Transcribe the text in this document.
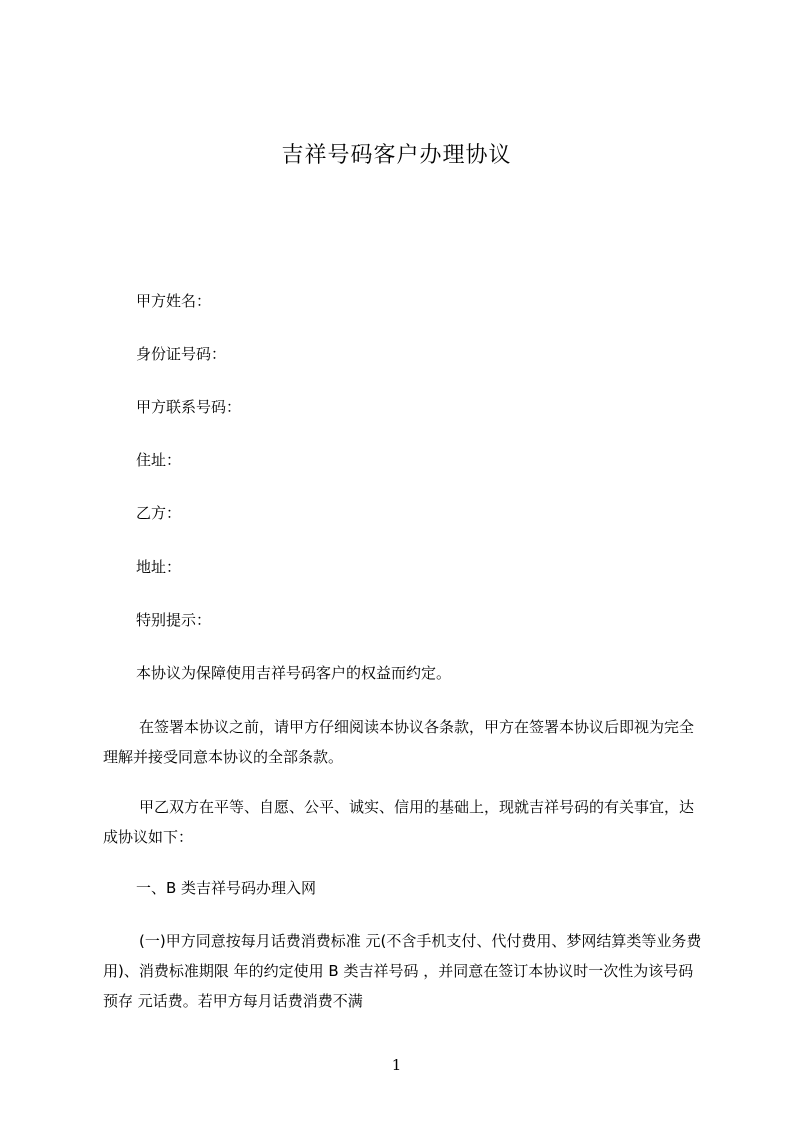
吉祥号码客户办理协议
甲方姓名：
身份证号码：
甲方联系号码：
住址：
乙方：
地址：
特别提示：
本协议为保障使用吉祥号码客户的权益而约定。

在签署本协议之前，请甲方仔细阅读本协议各条款，甲方在签署本协议后即视为完全理解并接受同意本协议的全部条款。

甲乙双方在平等、自愿、公平、诚实、信用的基础上，现就吉祥号码的有关事宜，达成协议如下：

一、B 类吉祥号码办理入网

(一)甲方同意按每月话费消费标准 元(不含手机支付、代付费用、梦网结算类等业务费用)、消费标准期限 年的约定使用 B 类吉祥号码 ，并同意在签订本协议时一次性为该号码预存 元话费。若甲方每月话费消费不满

1
